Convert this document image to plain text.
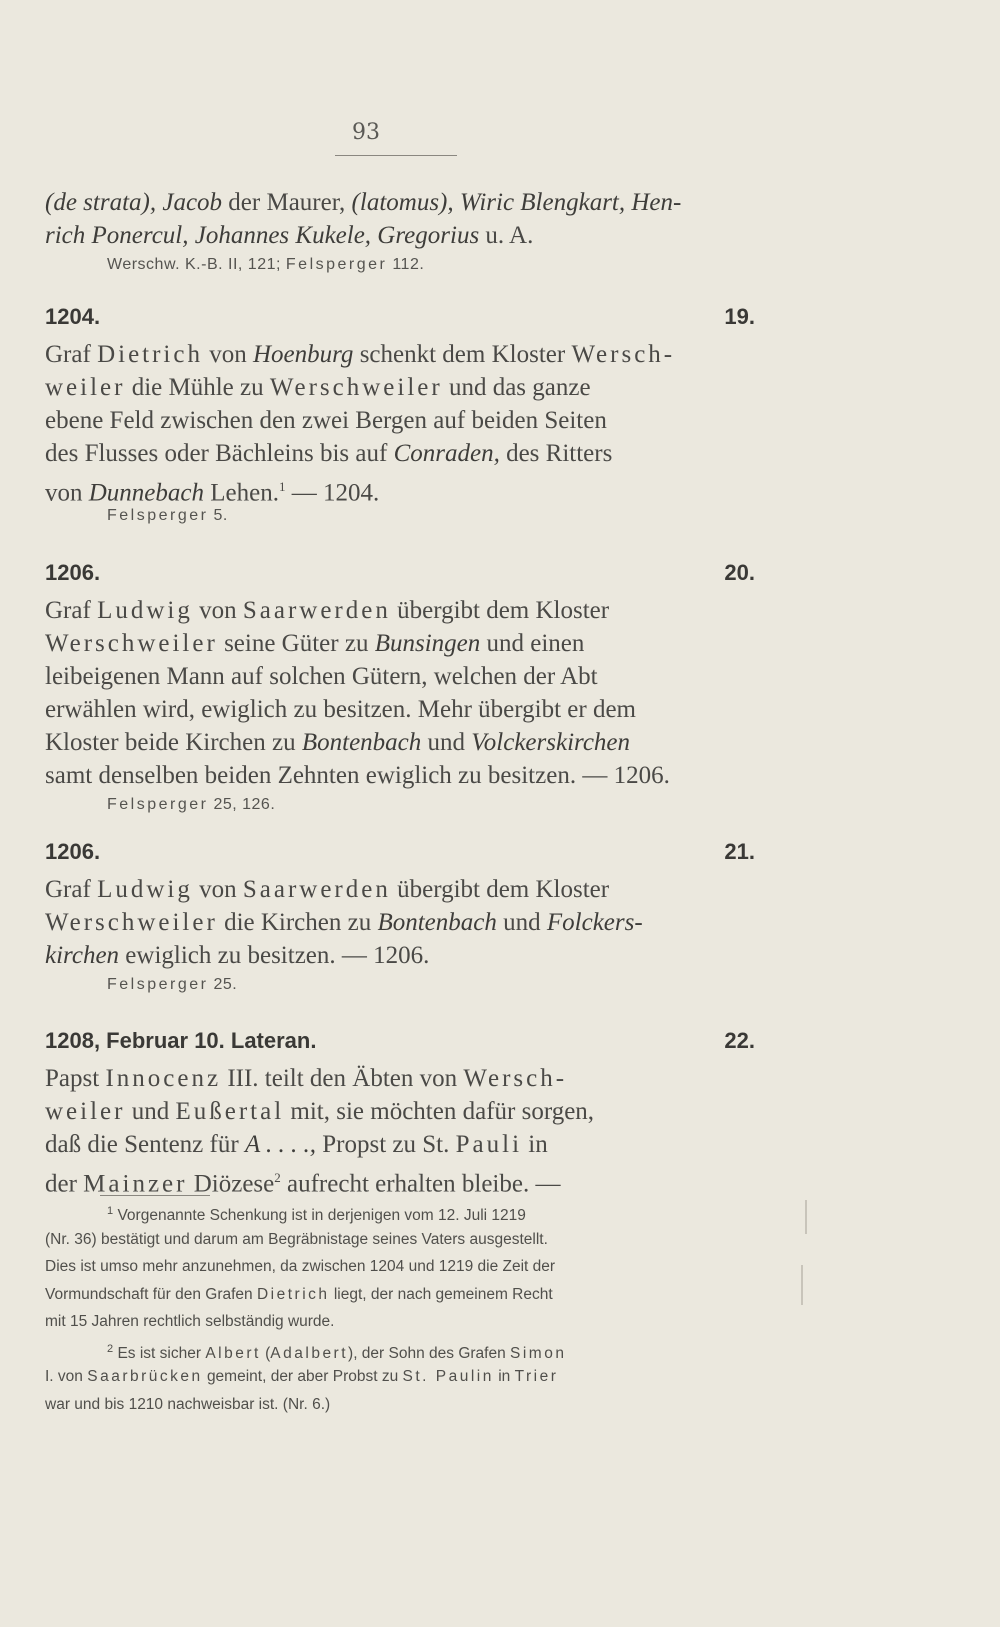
93
(de strata), Jacob der Maurer, (latomus), Wiric Blengkart, Hen-
rich Ponercul, Johannes Kukele, Gregorius u. A.
Werschw. K.-B. II, 121; Felsperger 112.
1204.	19.
Graf Dietrich von Hoenburg schenkt dem Kloster Wersch-
weiler die Mühle zu Werschweiler und das ganze
ebene Feld zwischen den zwei Bergen auf beiden Seiten
des Flusses oder Bächleins bis auf Conraden, des Ritters
von Dunnebach Lehen.$^1$ — 1204.
Felsperger 5.
1206.	20.
Graf Ludwig von Saarwerden übergibt dem Kloster
Werschweiler seine Güter zu Bunsingen und einen
leibeigenen Mann auf solchen Gütern, welchen der Abt
erwählen wird, ewiglich zu besitzen. Mehr übergibt er dem
Kloster beide Kirchen zu Bontenbach und Volckerskirchen
samt denselben beiden Zehnten ewiglich zu besitzen. — 1206.
Felsperger 25, 126.
1206.	21.
Graf Ludwig von Saarwerden übergibt dem Kloster
Werschweiler die Kirchen zu Bontenbach und Folckers-
kirchen ewiglich zu besitzen. — 1206.
Felsperger 25.
1208, Februar 10. Lateran.	22.
Papst Innocenz III. teilt den Äbten von Wersch-
weiler und Eußertal mit, sie möchten dafür sorgen,
daß die Sentenz für A . . . ., Propst zu St. Pauli in
der Mainzer Diözese$^2$ aufrecht erhalten bleibe. —
$^1$ Vorgenannte Schenkung ist in derjenigen vom 12. Juli 1219
(Nr. 36) bestätigt und darum am Begräbnistage seines Vaters ausgestellt.
Dies ist umso mehr anzunehmen, da zwischen 1204 und 1219 die Zeit der
Vormundschaft für den Grafen Dietrich liegt, der nach gemeinem Recht
mit 15 Jahren rechtlich selbständig wurde.
$^2$ Es ist sicher Albert (Adalbert), der Sohn des Grafen Simon
I. von Saarbrücken gemeint, der aber Probst zu St. Paulin in Trier
war und bis 1210 nachweisbar ist. (Nr. 6.)
